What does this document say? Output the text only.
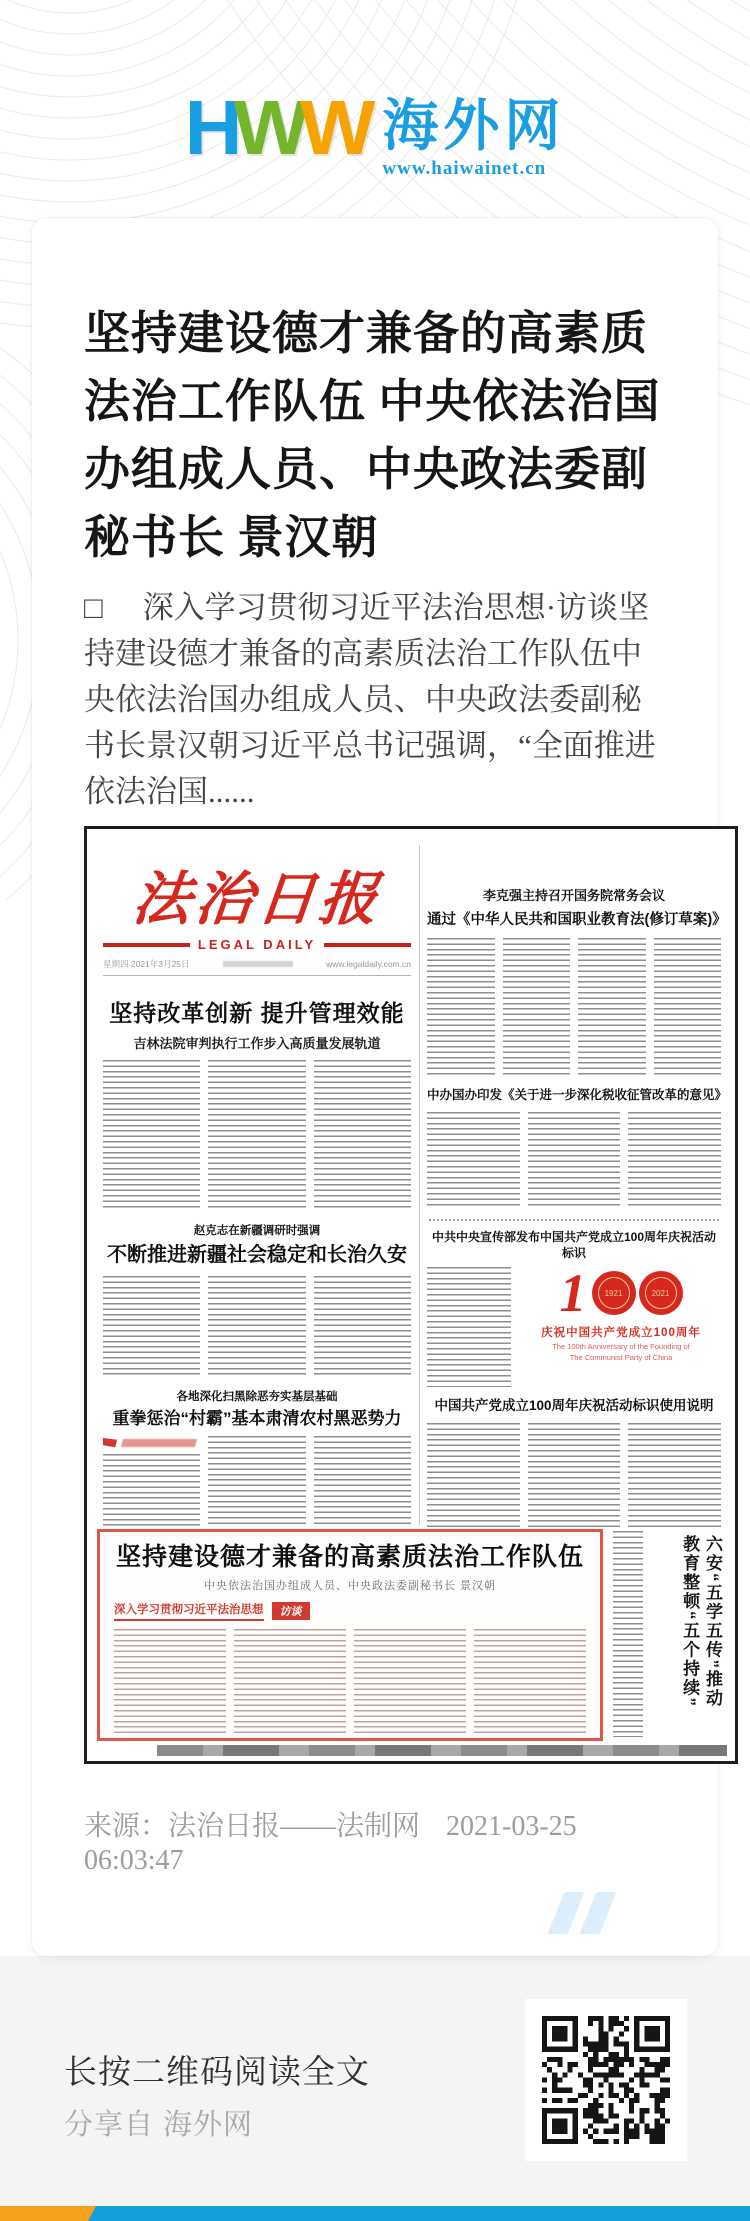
HWW 海外网
www.haiwainet.cn
坚持建设德才兼备的高素质法治工作队伍 中央依法治国办组成人员、中央政法委副秘书长 景汉朝

□ 深入学习贯彻习近平法治思想·访谈坚持建设德才兼备的高素质法治工作队伍中央依法治国办组成人员、中央政法委副秘书长景汉朝习近平总书记强调，“全面推进依法治国......

法治日报
LEGAL DAILY
星期四 2021年3月25日	www.legaldaily.com.cn
坚持改革创新 提升管理效能
吉林法院审判执行工作步入高质量发展轨道
赵克志在新疆调研时强调
不断推进新疆社会稳定和长治久安
各地深化扫黑除恶夯实基层基础
重拳惩治“村霸”基本肃清农村黑恶势力
李克强主持召开国务院常务会议
通过《中华人民共和国职业教育法(修订草案)》
中办国办印发《关于进一步深化税收征管改革的意见》
中共中央宣传部发布中国共产党成立100周年庆祝活动标识
1	1921	2021
庆祝中国共产党成立100周年
The 100th Anniversary of the Founding of
The Communist Party of China
中国共产党成立100周年庆祝活动标识使用说明
坚持建设德才兼备的高素质法治工作队伍
中央依法治国办组成人员、中央政法委副秘书长 景汉朝
深入学习贯彻习近平法治思想	访谈	六安“五学五传”推动
教育整顿“五个持续”

来源：法治日报——法制网 2021-03-25 06:03:47

长按二维码阅读全文
分享自 海外网
